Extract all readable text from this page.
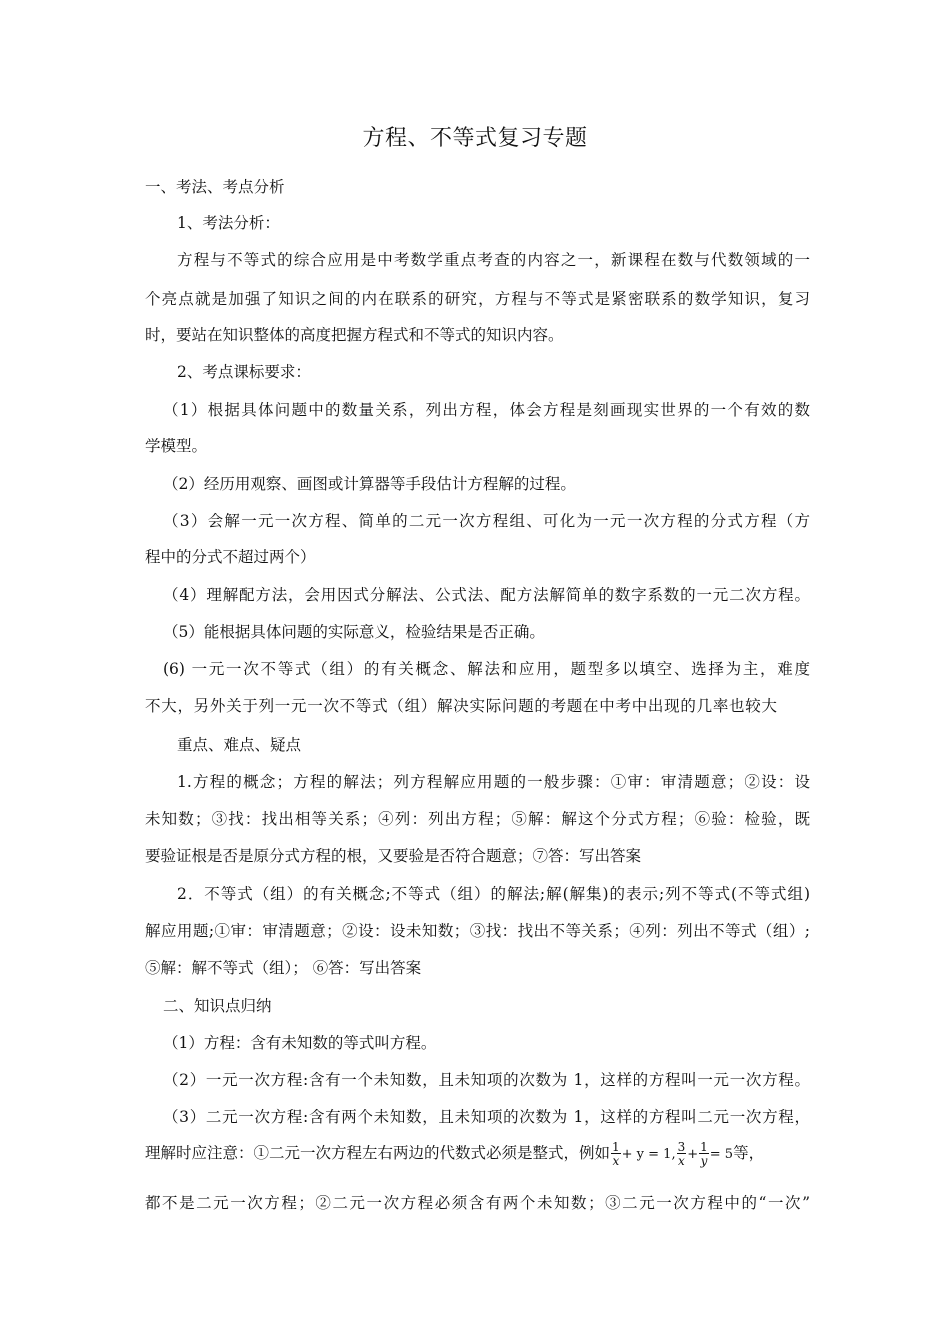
方程、不等式复习专题
一、考法、考点分析
1、考法分析：
方程与不等式的综合应用是中考数学重点考查的内容之一，新课程在数与代数领域的一
个亮点就是加强了知识之间的内在联系的研究，方程与不等式是紧密联系的数学知识，复习
时，要站在知识整体的高度把握方程式和不等式的知识内容。
2、考点课标要求：
（1）根据具体问题中的数量关系，列出方程，体会方程是刻画现实世界的一个有效的数
学模型。
（2）经历用观察、画图或计算器等手段估计方程解的过程。
（3）会解一元一次方程、简单的二元一次方程组、可化为一元一次方程的分式方程（方
程中的分式不超过两个）
（4）理解配方法，会用因式分解法、公式法、配方法解简单的数字系数的一元二次方程。
（5）能根据具体问题的实际意义，检验结果是否正确。
(6) 一元一次不等式（组）的有关概念、解法和应用，题型多以填空、选择为主，难度
不大，另外关于列一元一次不等式（组）解决实际问题的考题在中考中出现的几率也较大
重点、难点、疑点
1.方程的概念；方程的解法；列方程解应用题的一般步骤：①审：审清题意；②设：设
未知数；③找：找出相等关系；④列：列出方程；⑤解：解这个分式方程；⑥验：检验，既
要验证根是否是原分式方程的根，又要验是否符合题意；⑦答：写出答案
2．不等式（组）的有关概念;不等式（组）的解法;解(解集)的表示;列不等式(不等式组)
解应用题;①审：审清题意；②设：设未知数；③找：找出不等关系；④列：列出不等式（组）;
⑤解：解不等式（组）； ⑥答：写出答案
二、知识点归纳
（1）方程：含有未知数的等式叫方程。
（2）一元一次方程:含有一个未知数，且未知项的次数为 1，这样的方程叫一元一次方程。
（3）二元一次方程:含有两个未知数，且未知项的次数为 1，这样的方程叫二元一次方程，
理解时应注意：①二元一次方程左右两边的代数式必须是整式，例如 $\frac{1}{x} + y = 1$, $\frac{3}{x} + \frac{1}{y} = 5$等，
都不是二元一次方程；②二元一次方程必须含有两个未知数；③二元一次方程中的“一次”
